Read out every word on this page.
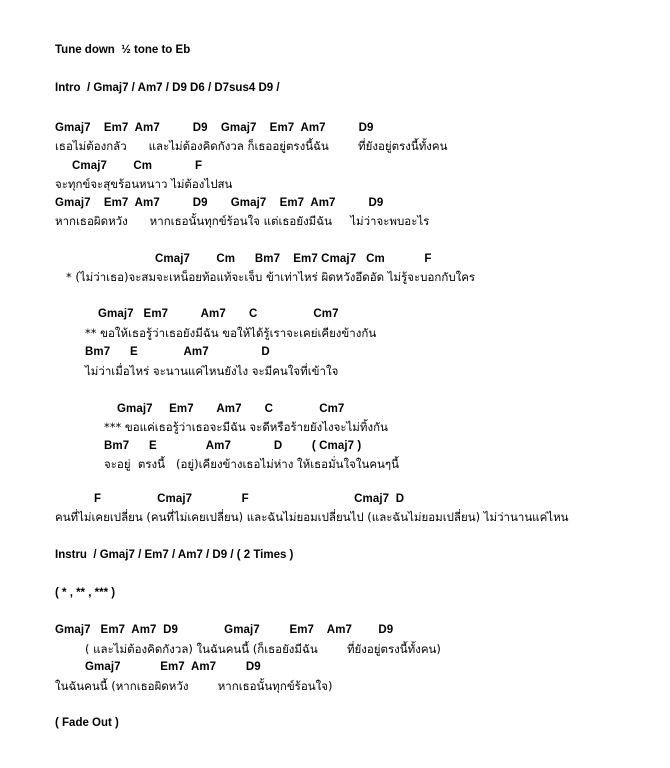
Tune down  ½ tone to Eb
Intro  / Gmaj7 / Am7 / D9 D6 / D7sus4 D9 /
Gmaj7    Em7  Am7          D9    Gmaj7    Em7  Am7          D9
เธอไม่ต้องกลัว      และไม่ต้องคิดกังวล ก็เธออยู่ตรงนี้ฉัน        ที่ยังอยู่ตรงนี้ทั้งคน
Cmaj7        Cm             F
จะทุกข์จะสุขร้อนหนาว ไม่ต้องไปสน
Gmaj7    Em7  Am7          D9       Gmaj7    Em7  Am7          D9
หากเธอผิดหวัง      หากเธอนั้นทุกข์ร้อนใจ แต่เธอยังมีฉัน     ไม่ว่าจะพบอะไร
Cmaj7        Cm      Bm7    Em7 Cmaj7   Cm            F
* (ไม่ว่าเธอ)จะสมจะเหน็อยท้อแท้จะเจ็บ ข้าเท่าไหร่ ผิดหวังอึดอัด ไม่รู้จะบอกกับใคร
Gmaj7   Em7          Am7       C                 Cm7
** ขอให้เธอรู้ว่าเธอยังมีฉัน ขอให้ได้รู้เราจะเคย่เคียงข้างกัน
Bm7      E              Am7                D
ไม่ว่าเมื่อไหร่ จะนานแค่ไหนยังไง จะมีคนใจที่เข้าใจ
Gmaj7     Em7       Am7       C              Cm7
*** ขอแค่เธอรู้ว่าเธอจะมีฉัน จะดีหรือร้ายยังไงจะไม่ทิ้งกัน
Bm7      E               Am7             D         ( Cmaj7 )
จะอยู่  ตรงนี้   (อยู่)เคียงข้างเธอไม่ห่าง ให้เธอมั่นใจในคนๆนี้
F                 Cmaj7               F                                Cmaj7  D
คนที่ไม่เคยเปลี่ยน (คนที่ไม่เคยเปลี่ยน) และฉันไม่ยอมเปลี่ยนไป (และฉันไม่ยอมเปลี่ยน) ไม่ว่านานแค่ไหน
Instru  / Gmaj7 / Em7 / Am7 / D9 / ( 2 Times )
( * , ** , *** )
Gmaj7   Em7  Am7  D9              Gmaj7         Em7    Am7        D9
( และไม่ต้องคิดกังวล) ในฉันคนนี้ (ก็เธอยังมีฉัน        ที่ยังอยู่ตรงนี้ทั้งคน)
Gmaj7            Em7  Am7         D9
ในฉันคนนี้ (หากเธอผิดหวัง        หากเธอนั้นทุกข์ร้อนใจ)
( Fade Out )
